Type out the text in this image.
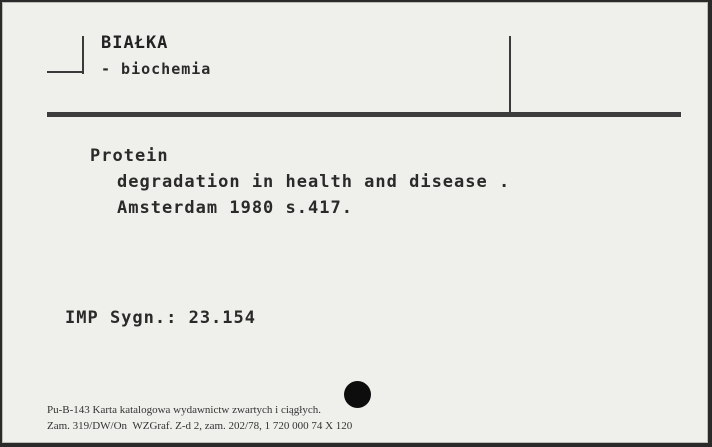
BIAŁKA
- biochemia
Protein
degradation in health and disease .
Amsterdam 1980 s.417.
IMP Sygn.: 23.154
Pu-B-143 Karta katalogowa wydawnictw zwartych i ciągłych.
Zam. 319/DW/On  WZGraf. Z-d 2, zam. 202/78, 1 720 000 74 X 120
